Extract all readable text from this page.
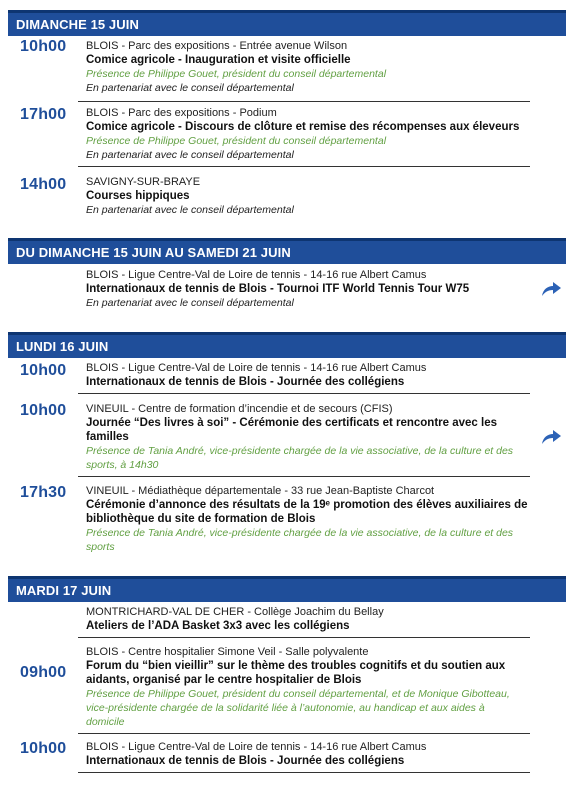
DIMANCHE 15 JUIN
10h00 BLOIS - Parc des expositions - Entrée avenue Wilson
Comice agricole - Inauguration et visite officielle
Présence de Philippe Gouet, président du conseil départemental
En partenariat avec le conseil départemental
17h00 BLOIS - Parc des expositions - Podium
Comice agricole - Discours de clôture et remise des récompenses aux éleveurs
Présence de Philippe Gouet, président du conseil départemental
En partenariat avec le conseil départemental
14h00 SAVIGNY-SUR-BRAYE
Courses hippiques
En partenariat avec le conseil départemental
DU DIMANCHE 15 JUIN AU SAMEDI 21 JUIN
BLOIS - Ligue Centre-Val de Loire de tennis - 14-16 rue Albert Camus
Internationaux de tennis de Blois - Tournoi ITF World Tennis Tour W75
En partenariat avec le conseil départemental
LUNDI 16 JUIN
10h00 BLOIS - Ligue Centre-Val de Loire de tennis - 14-16 rue Albert Camus
Internationaux de tennis de Blois - Journée des collégiens
10h00 VINEUIL - Centre de formation d’incendie et de secours (CFIS)
Journée “Des livres à soi” - Cérémonie des certificats et rencontre avec les
familles
Présence de Tania André, vice-présidente chargée de la vie associative, de la culture et des
sports, à 14h30
17h30 VINEUIL - Médiathèque départementale - 33 rue Jean-Baptiste Charcot
Cérémonie d’annonce des résultats de la 19ᵉ promotion des élèves auxiliaires de
bibliothèque du site de formation de Blois
Présence de Tania André, vice-présidente chargée de la vie associative, de la culture et des
sports
MARDI 17 JUIN
MONTRICHARD-VAL DE CHER - Collège Joachim du Bellay
Ateliers de l’ADA Basket 3x3 avec les collégiens
09h00
BLOIS - Centre hospitalier Simone Veil - Salle polyvalente
Forum du “bien vieillir” sur le thème des troubles cognitifs et du soutien aux
aidants, organisé par le centre hospitalier de Blois
Présence de Philippe Gouet, président du conseil départemental, et de Monique Gibotteau,
vice-présidente chargée de la solidarité liée à l’autonomie, au handicap et aux aides à
domicile
10h00 BLOIS - Ligue Centre-Val de Loire de tennis - 14-16 rue Albert Camus
Internationaux de tennis de Blois - Journée des collégiens
